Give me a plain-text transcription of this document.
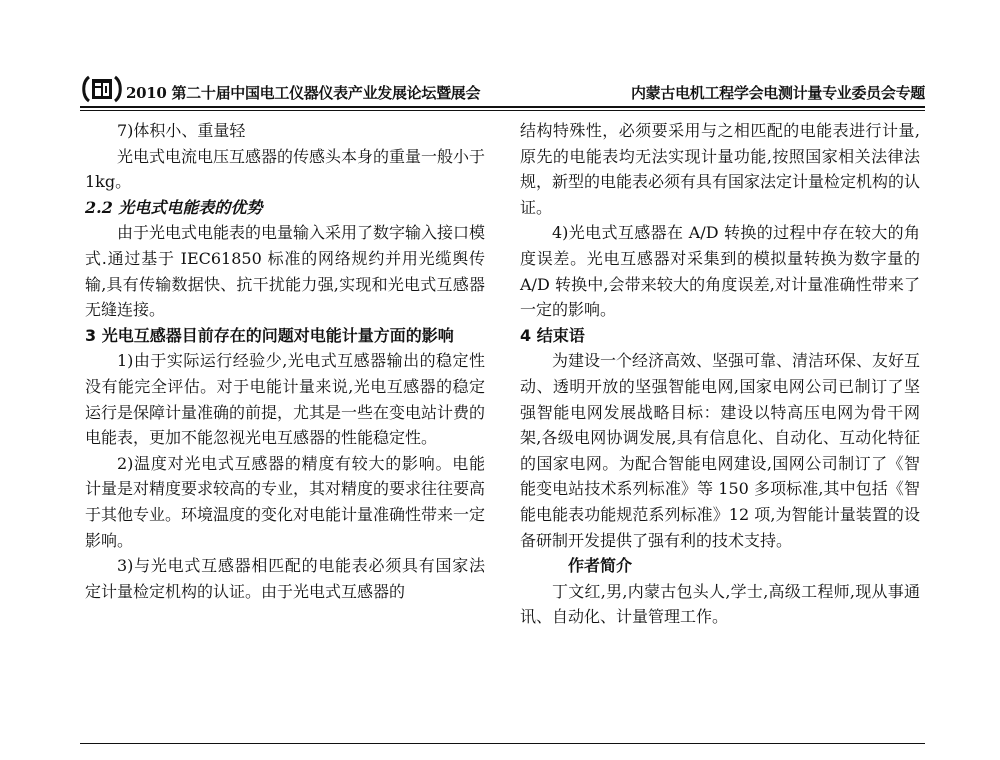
2010 第二十届中国电工仪器仪表产业发展论坛暨展会	内蒙古电机工程学会电测计量专业委员会专题

7)体积小、重量轻

光电式电流电压互感器的传感头本身的重量一般小于 1kg。

2.2 光电式电能表的优势

由于光电式电能表的电量输入采用了数字输入接口模式.通过基于 IEC61850 标准的网络规约并用光缆舆传输,具有传输数据快、抗干扰能力强,实现和光电式互感器无缝连接。

3 光电互感器目前存在的问题对电能计量方面的影响

1)由于实际运行经验少,光电式互感器输出的稳定性没有能完全评估。对于电能计量来说,光电互感器的稳定运行是保障计量准确的前提，尤其是一些在变电站计费的电能表，更加不能忽视光电互感器的性能稳定性。

2)温度对光电式互感器的精度有较大的影响。电能计量是对精度要求较高的专业，其对精度的要求往往要高于其他专业。环境温度的变化对电能计量准确性带来一定影响。

3)与光电式互感器相匹配的电能表必须具有国家法定计量检定机构的认证。由于光电式互感器的

结构特殊性，必须要采用与之相匹配的电能表进行计量,原先的电能表均无法实现计量功能,按照国家相关法律法规，新型的电能表必须有具有国家法定计量检定机构的认证。

4)光电式互感器在 A/D 转换的过程中存在较大的角度误差。光电互感器对采集到的模拟量转换为数字量的 A/D 转换中,会带来较大的角度误差,对计量准确性带来了一定的影响。

4 结束语

为建设一个经济高效、坚强可靠、清洁环保、友好互动、透明开放的坚强智能电网,国家电网公司已制订了坚强智能电网发展战略目标：建设以特高压电网为骨干网架,各级电网协调发展,具有信息化、自动化、互动化特征的国家电网。为配合智能电网建设,国网公司制订了《智能变电站技术系列标准》等 150 多项标准,其中包括《智能电能表功能规范系列标准》12 项,为智能计量装置的设备研制开发提供了强有利的技术支持。

作者简介

丁文红,男,内蒙古包头人,学士,高级工程师,现从事通讯、自动化、计量管理工作。
